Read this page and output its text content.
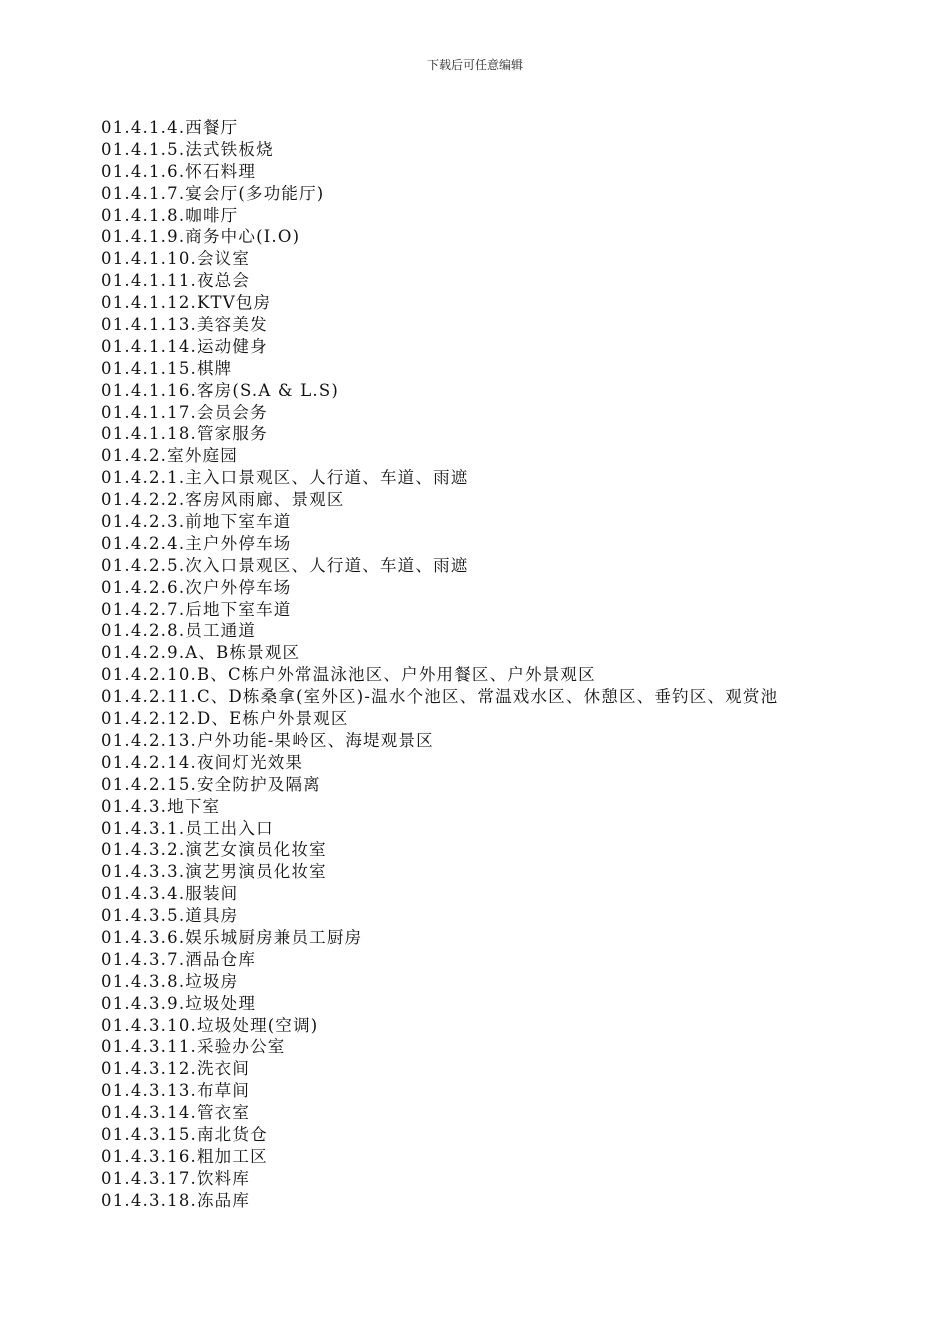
下载后可任意编辑
01.4.1.4.西餐厅
01.4.1.5.法式铁板烧
01.4.1.6.怀石料理
01.4.1.7.宴会厅(多功能厅)
01.4.1.8.咖啡厅
01.4.1.9.商务中心(I.O)
01.4.1.10.会议室
01.4.1.11.夜总会
01.4.1.12.KTV包房
01.4.1.13.美容美发
01.4.1.14.运动健身
01.4.1.15.棋牌
01.4.1.16.客房(S.A & L.S)
01.4.1.17.会员会务
01.4.1.18.管家服务
01.4.2.室外庭园
01.4.2.1.主入口景观区、人行道、车道、雨遮
01.4.2.2.客房风雨廊、景观区
01.4.2.3.前地下室车道
01.4.2.4.主户外停车场
01.4.2.5.次入口景观区、人行道、车道、雨遮
01.4.2.6.次户外停车场
01.4.2.7.后地下室车道
01.4.2.8.员工通道
01.4.2.9.A、B栋景观区
01.4.2.10.B、C栋户外常温泳池区、户外用餐区、户外景观区
01.4.2.11.C、D栋桑拿(室外区)-温水个池区、常温戏水区、休憩区、垂钓区、观赏池
01.4.2.12.D、E栋户外景观区
01.4.2.13.户外功能-果岭区、海堤观景区
01.4.2.14.夜间灯光效果
01.4.2.15.安全防护及隔离
01.4.3.地下室
01.4.3.1.员工出入口
01.4.3.2.演艺女演员化妆室
01.4.3.3.演艺男演员化妆室
01.4.3.4.服装间
01.4.3.5.道具房
01.4.3.6.娱乐城厨房兼员工厨房
01.4.3.7.酒品仓库
01.4.3.8.垃圾房
01.4.3.9.垃圾处理
01.4.3.10.垃圾处理(空调)
01.4.3.11.采验办公室
01.4.3.12.洗衣间
01.4.3.13.布草间
01.4.3.14.管衣室
01.4.3.15.南北货仓
01.4.3.16.粗加工区
01.4.3.17.饮料库
01.4.3.18.冻品库
